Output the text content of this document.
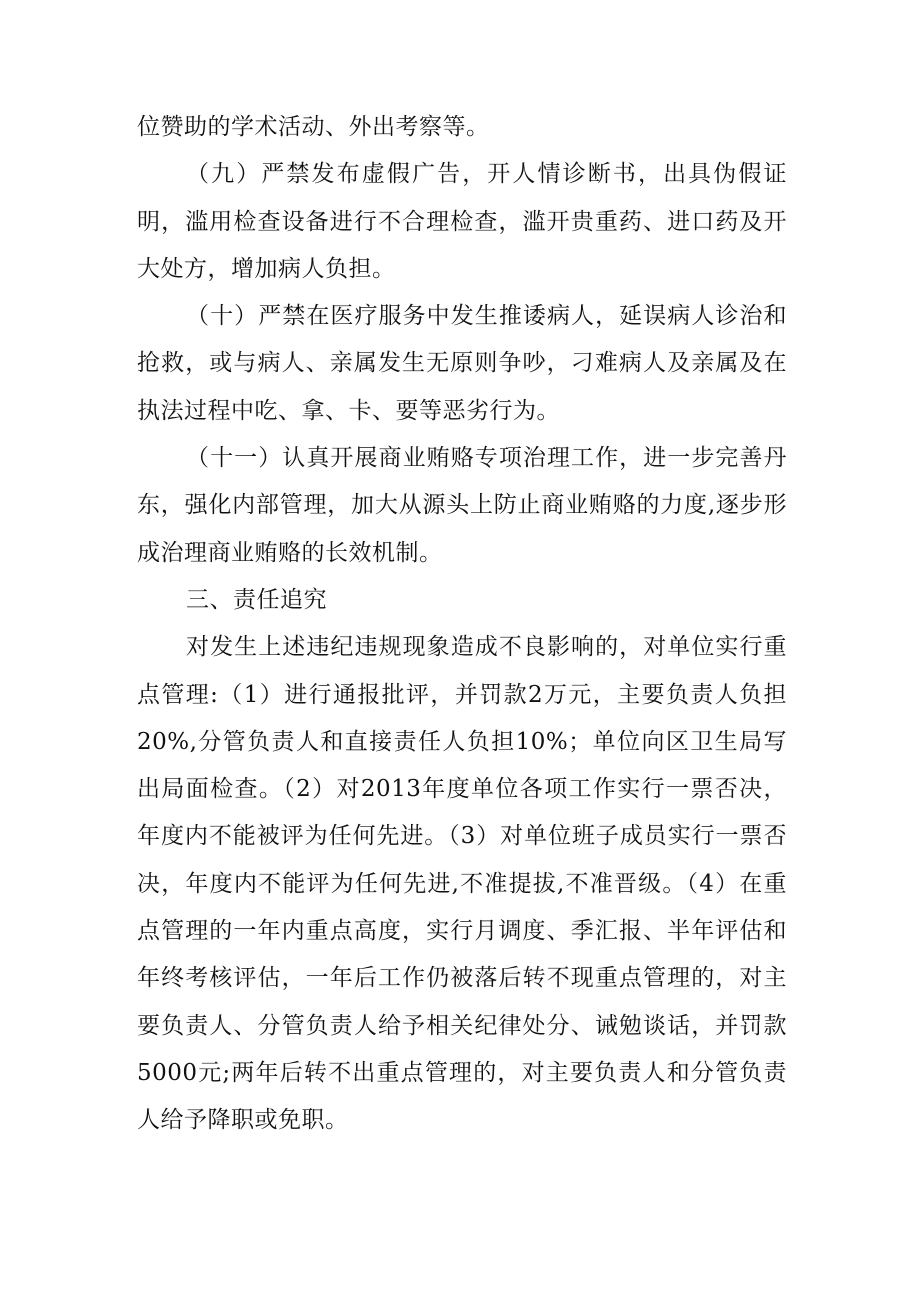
位赞助的学术活动、外出考察等。

（九）严禁发布虚假广告，开人情诊断书，出具伪假证明，滥用检查设备进行不合理检查，滥开贵重药、进口药及开大处方，增加病人负担。

（十）严禁在医疗服务中发生推诿病人，延误病人诊治和抢救，或与病人、亲属发生无原则争吵，刁难病人及亲属及在执法过程中吃、拿、卡、要等恶劣行为。

（十一）认真开展商业贿赂专项治理工作，进一步完善丹东，强化内部管理，加大从源头上防止商业贿赂的力度,逐步形成治理商业贿赂的长效机制。

三、责任追究

对发生上述违纪违规现象造成不良影响的，对单位实行重点管理:（1）进行通报批评，并罚款2万元，主要负责人负担20%,分管负责人和直接责任人负担10%；单位向区卫生局写出局面检查。（2）对2013年度单位各项工作实行一票否决，年度内不能被评为任何先进。（3）对单位班子成员实行一票否决，年度内不能评为任何先进,不准提拔,不准晋级。（4）在重点管理的一年内重点高度，实行月调度、季汇报、半年评估和年终考核评估，一年后工作仍被落后转不现重点管理的，对主要负责人、分管负责人给予相关纪律处分、诫勉谈话，并罚款5000元;两年后转不出重点管理的，对主要负责人和分管负责人给予降职或免职。
